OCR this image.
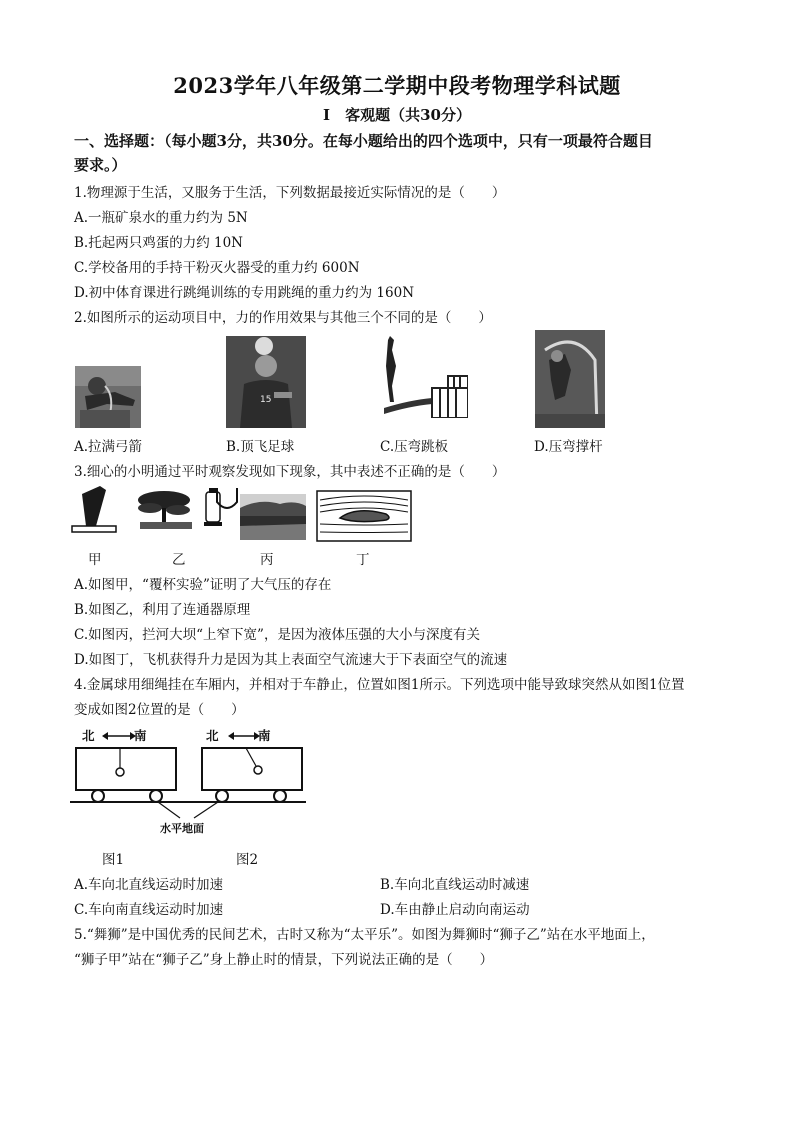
2023学年八年级第二学期中段考物理学科试题
Ⅰ　客观题（共30分）
一、选择题：（每小题3分，共30分。在每小题给出的四个选项中，只有一项最符合题目
要求。）
1.物理源于生活，又服务于生活，下列数据最接近实际情况的是（　　）
A.一瓶矿泉水的重力约为 5N
B.托起两只鸡蛋的力约 10N
C.学校备用的手持干粉灭火器受的重力约 600N
D.初中体育课进行跳绳训练的专用跳绳的重力约为 160N
2.如图所示的运动项目中，力的作用效果与其他三个不同的是（　　）
15
A.拉满弓箭	B.顶飞足球	C.压弯跳板	D.压弯撑杆
3.细心的小明通过平时观察发现如下现象，其中表述不正确的是（　　）
甲	乙	丙	丁
A.如图甲，“覆杯实验”证明了大气压的存在
B.如图乙，利用了连通器原理
C.如图丙，拦河大坝“上窄下宽”，是因为液体压强的大小与深度有关
D.如图丁，飞机获得升力是因为其上表面空气流速大于下表面空气的流速
4.金属球用细绳挂在车厢内，并相对于车静止，位置如图1所示。下列选项中能导致球突然从如图1位置
变成如图2位置的是（　　）
北	南	北	南
水平地面
图1	图2
A.车向北直线运动时加速	B.车向北直线运动时减速
C.车向南直线运动时加速	D.车由静止启动向南运动
5.“舞狮”是中国优秀的民间艺术，古时又称为“太平乐”。如图为舞狮时“狮子乙”站在水平地面上，
“狮子甲”站在“狮子乙”身上静止时的情景，下列说法正确的是（　　）
